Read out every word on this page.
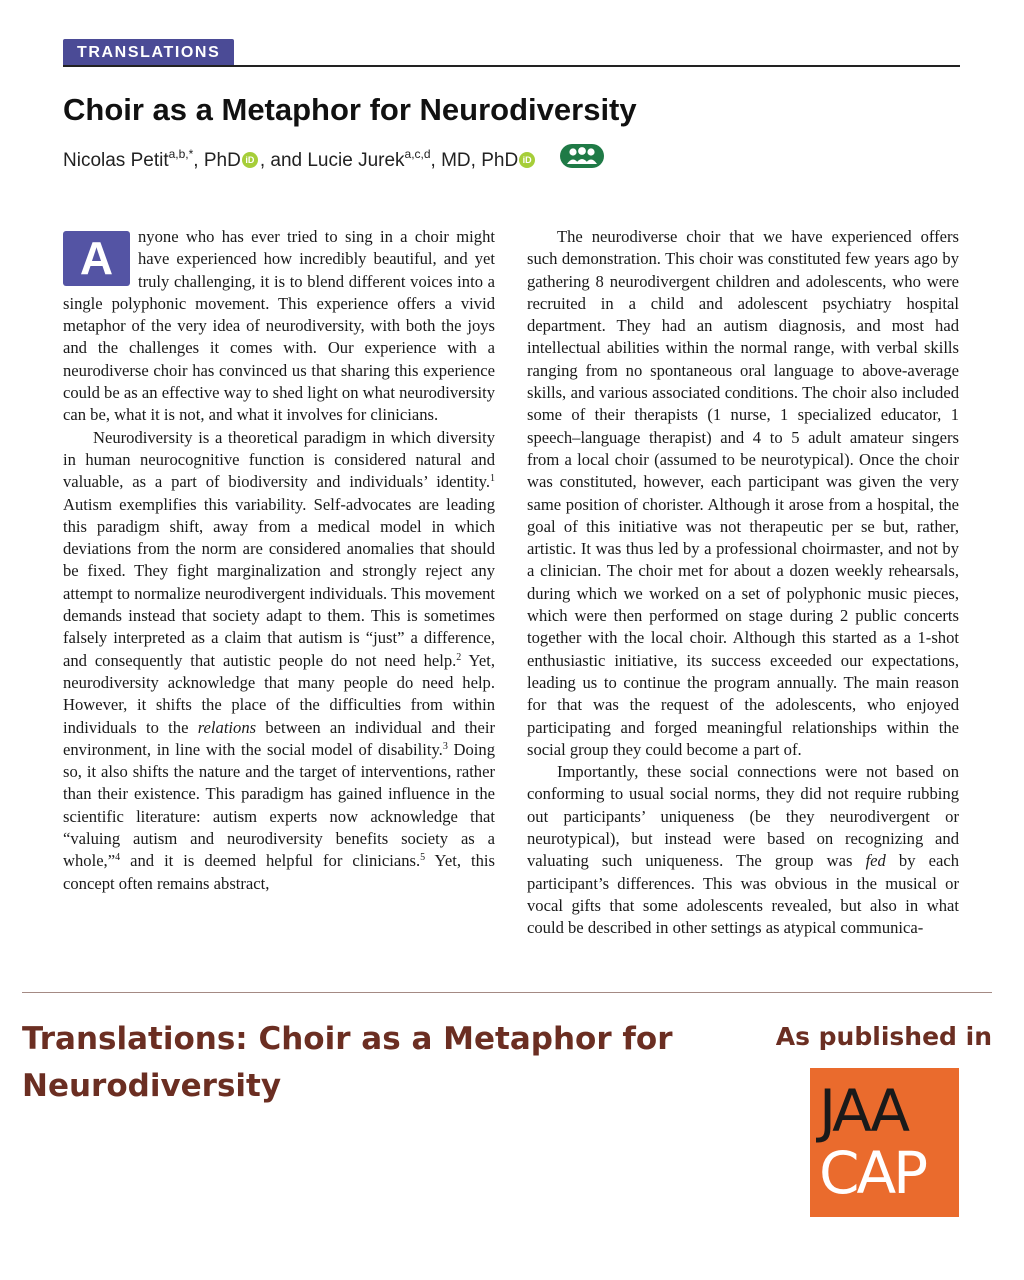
TRANSLATIONS
Choir as a Metaphor for Neurodiversity
Nicolas Petit $^{a,b,*}$ , PhD iD , and Lucie Jurek$^{a,c,d}$ , MD, PhD iD

A	nyone who has ever tried to sing in a choir might have experienced how incredibly beautiful, and yet truly challenging, it is to blend different voices into a single polyphonic movement. This experience offers a vivid metaphor of the very idea of neurodiversity, with both the joys and the challenges it comes with. Our experience with a neurodiverse choir has convinced us that sharing this experience could be as an effective way to shed light on what neurodiversity can be, what it is not, and what it involves for clinicians.

Neurodiversity is a theoretical paradigm in which diversity in human neurocognitive function is considered natural and valuable, as a part of biodiversity and individuals’ identity.$^1$ Autism exemplifies this variability. Self-advocates are leading this paradigm shift, away from a medical model in which deviations from the norm are considered anomalies that should be fixed. They fight marginalization and strongly reject any attempt to normalize neurodivergent individuals. This movement demands instead that society adapt to them. This is sometimes falsely interpreted as a claim that autism is “just” a difference, and consequently that autistic people do not need help.$^2$ Yet, neurodiversity acknowledge that many people do need help. However, it shifts the place of the difficulties from within individuals to the relations between an individual and their environment, in line with the social model of disability.$^3$ Doing so, it also shifts the nature and the target of interventions, rather than their existence. This paradigm has gained influence in the scientific literature: autism experts now acknowledge that “valuing autism and neurodiversity benefits society as a whole,”$^4$ and it is deemed helpful for clinicians.$^5$ Yet, this concept often remains abstract,

The neurodiverse choir that we have experienced offers such demonstration. This choir was constituted few years ago by gathering 8 neurodivergent children and adolescents, who were recruited in a child and adolescent psychiatry hospital department. They had an autism diagnosis, and most had intellectual abilities within the normal range, with verbal skills ranging from no spontaneous oral language to above-average skills, and various associated conditions. The choir also included some of their therapists (1 nurse, 1 specialized educator, 1 speech–language therapist) and 4 to 5 adult amateur singers from a local choir (assumed to be neurotypical). Once the choir was constituted, however, each participant was given the very same position of chorister. Although it arose from a hospital, the goal of this initiative was not therapeutic per se but, rather, artistic. It was thus led by a professional choirmaster, and not by a clinician. The choir met for about a dozen weekly rehearsals, during which we worked on a set of polyphonic music pieces, which were then performed on stage during 2 public concerts together with the local choir. Although this started as a 1-shot enthusiastic initiative, its success exceeded our expectations, leading us to continue the program annually. The main reason for that was the request of the adolescents, who enjoyed participating and forged meaningful relationships within the social group they could become a part of.

Importantly, these social connections were not based on conforming to usual social norms, they did not require rubbing out participants’ uniqueness (be they neurodivergent or neurotypical), but instead were based on recognizing and valuating such uniqueness. The group was fed by each participant’s differences. This was obvious in the musical or vocal gifts that some adolescents revealed, but also in what could be described in other settings as atypical communica-

Translations: Choir as a Metaphor for Neurodiversity
As published in
JAA
CAP
